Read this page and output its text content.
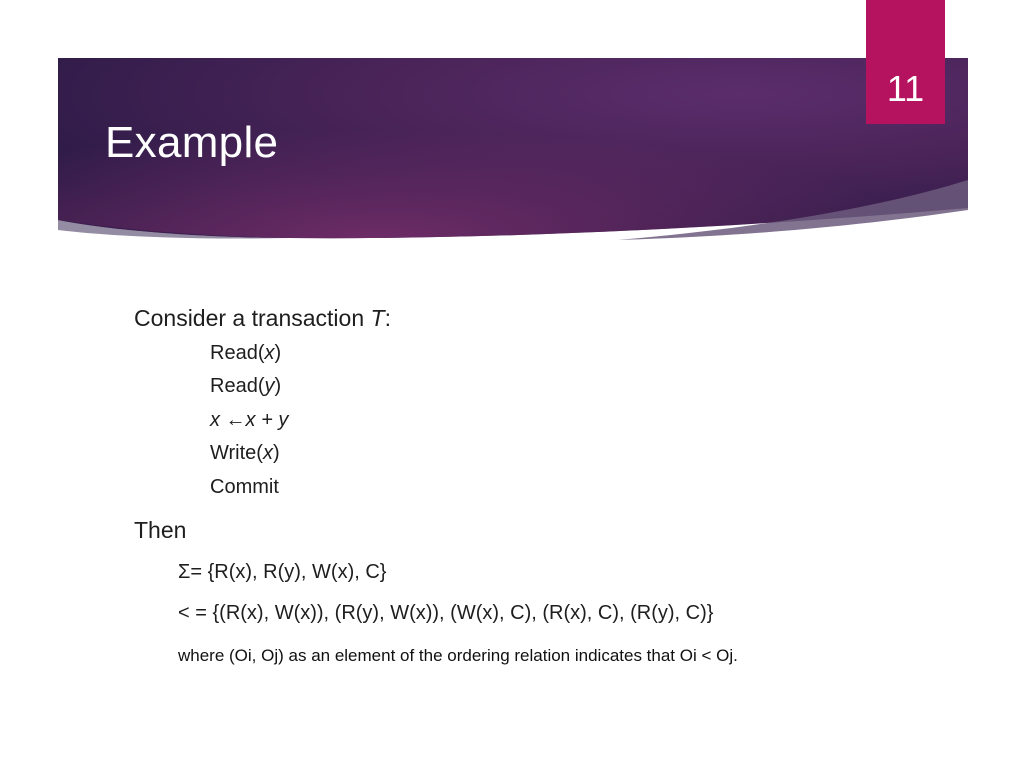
Example
11
Consider a transaction T:
Read(x)
Read(y)
x ←x + y
Write(x)
Commit
Then
Σ= {R(x), R(y), W(x), C}
< = {(R(x), W(x)), (R(y), W(x)), (W(x), C), (R(x), C), (R(y), C)}
where (Oi, Oj) as an element of the ordering relation indicates that Oi < Oj.
